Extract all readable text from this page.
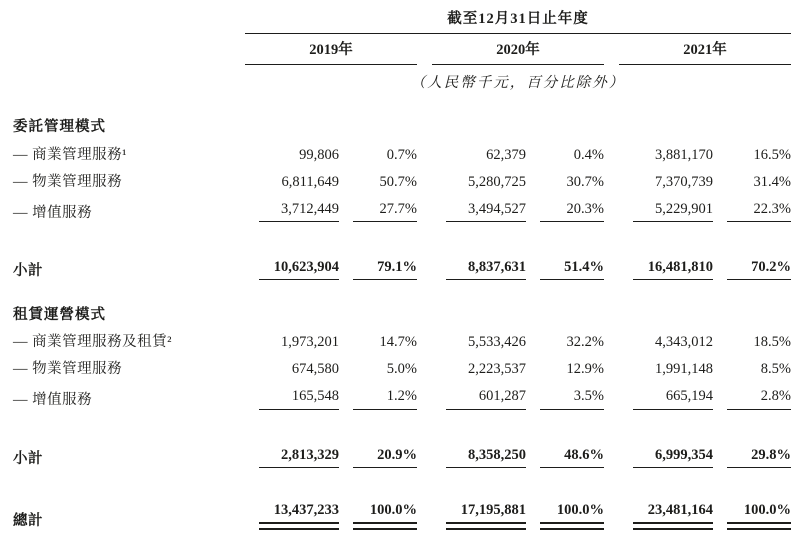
	截至12月31日止年度							
	2019年			2020年			2021年	
	（人民幣千元，百分比除外）							
委託管理模式								
— 商業管理服務¹	99,806	0.7%		62,379	0.4%		3,881,170	16.5%

— 物業管理服務	6,811,649	50.7%		5,280,725	30.7%		7,370,739	31.4%

— 增值服務	3,712,449	27.7%		3,494,527	20.3%		5,229,901	22.3%

小計	10,623,904	79.1%		8,837,631	51.4%		16,481,810	70.2%

租賃運營模式								
— 商業管理服務及租賃²	1,973,201	14.7%		5,533,426	32.2%		4,343,012	18.5%

— 物業管理服務	674,580	5.0%		2,223,537	12.9%		1,991,148	8.5%

— 增值服務	165,548	1.2%		601,287	3.5%		665,194	2.8%

小計	2,813,329	20.9%		8,358,250	48.6%		6,999,354	29.8%

總計	13,437,233	100.0%		17,195,881	100.0%		23,481,164	100.0%
